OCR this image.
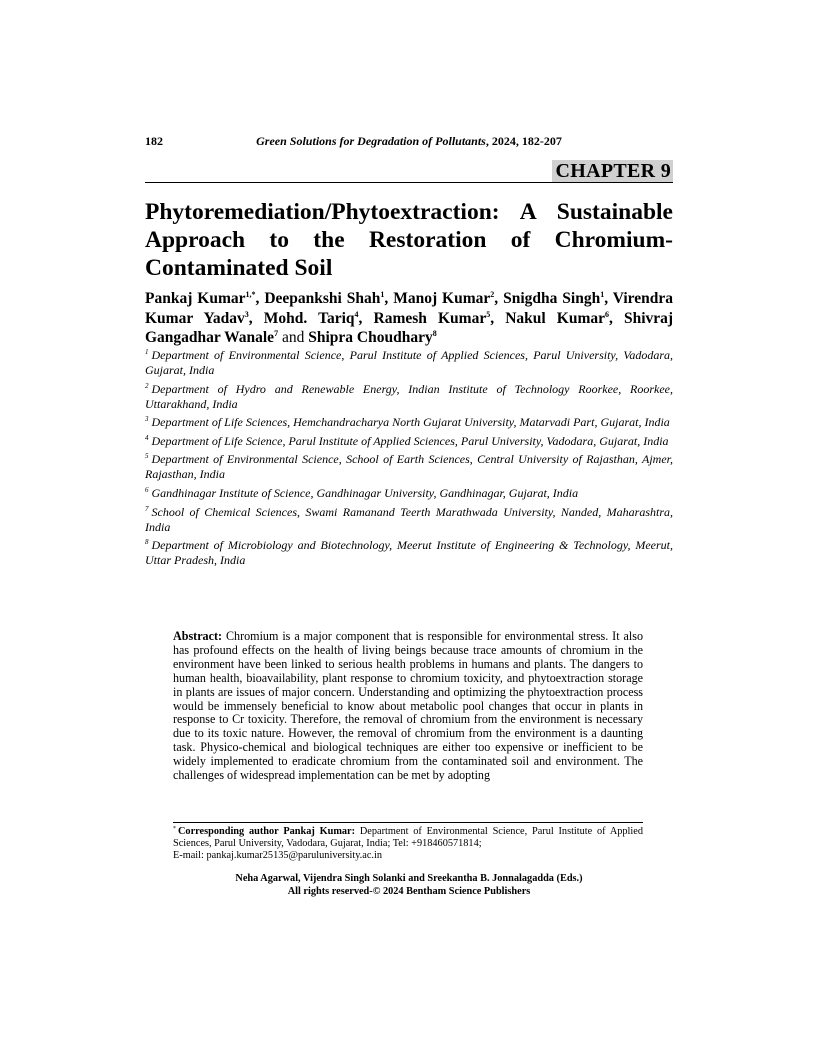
182	Green Solutions for Degradation of Pollutants, 2024, 182-207
CHAPTER 9
Phytoremediation/Phytoextraction: A Sustainable Approach to the Restoration of Chromium-Contaminated Soil
Pankaj Kumar$^{1,*}$, Deepankshi Shah$^1$, Manoj Kumar$^2$, Snigdha Singh$^1$, Virendra Kumar Yadav$^3$, Mohd. Tariq$^4$, Ramesh Kumar$^5$, Nakul Kumar$^6$, Shivraj Gangadhar Wanale$^7$ and Shipra Choudhary$^8$

$^1$ Department of Environmental Science, Parul Institute of Applied Sciences, Parul University, Vadodara, Gujarat, India

$^2$ Department of Hydro and Renewable Energy, Indian Institute of Technology Roorkee, Roorkee, Uttarakhand, India

$^3$ Department of Life Sciences, Hemchandracharya North Gujarat University, Matarvadi Part, Gujarat, India

$^4$ Department of Life Science, Parul Institute of Applied Sciences, Parul University, Vadodara, Gujarat, India

$^5$ Department of Environmental Science, School of Earth Sciences, Central University of Rajasthan, Ajmer, Rajasthan, India

$^6$ Gandhinagar Institute of Science, Gandhinagar University, Gandhinagar, Gujarat, India

$^7$ School of Chemical Sciences, Swami Ramanand Teerth Marathwada University, Nanded, Maharashtra, India

$^8$ Department of Microbiology and Biotechnology, Meerut Institute of Engineering & Technology, Meerut, Uttar Pradesh, India

Abstract: Chromium is a major component that is responsible for environmental stress. It also has profound effects on the health of living beings because trace amounts of chromium in the environment have been linked to serious health problems in humans and plants. The dangers to human health, bioavailability, plant response to chromium toxicity, and phytoextraction storage in plants are issues of major concern. Understanding and optimizing the phytoextraction process would be immensely beneficial to know about metabolic pool changes that occur in plants in response to Cr toxicity. Therefore, the removal of chromium from the environment is necessary due to its toxic nature. However, the removal of chromium from the environment is a daunting task. Physico-chemical and biological techniques are either too expensive or inefficient to be widely implemented to eradicate chromium from the contaminated soil and environment. The challenges of widespread implementation can be met by adopting

* Corresponding author Pankaj Kumar: Department of Environmental Science, Parul Institute of Applied Sciences, Parul University, Vadodara, Gujarat, India; Tel: +918460571814;
E-mail: pankaj.kumar25135@paruluniversity.ac.in

Neha Agarwal, Vijendra Singh Solanki and Sreekantha B. Jonnalagadda (Eds.)
All rights reserved-© 2024 Bentham Science Publishers
